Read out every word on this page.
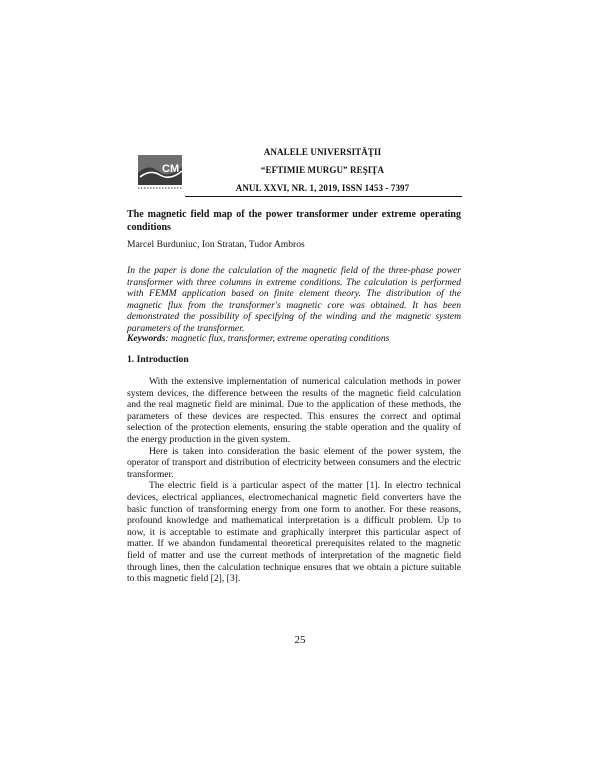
CM
ANALELE UNIVERSITĂŢII
“EFTIMIE MURGU” REŞIŢA
ANUL XXVI, NR. 1, 2019, ISSN 1453 - 7397
The magnetic field map of the power transformer under extreme operating conditions
Marcel Burduniuc, Ion Stratan, Tudor Ambros
In the paper is done the calculation of the magnetic field of the three-phase power transformer with three columns in extreme conditions. The calculation is performed with FEMM application based on finite element theory. The distribution of the magnetic flux from the transformer's magnetic core was obtained. It has been demonstrated the possibility of specifying of the winding and the magnetic system parameters of the transformer.
Keywords: magnetic flux, transformer, extreme operating conditions
1. Introduction

With the extensive implementation of numerical calculation methods in power system devices, the difference between the results of the magnetic field calculation and the real magnetic field are minimal. Due to the application of these methods, the parameters of these devices are respected. This ensures the correct and optimal selection of the protection elements, ensuring the stable operation and the quality of the energy production in the given system.

Here is taken into consideration the basic element of the power system, the operator of transport and distribution of electricity between consumers and the electric transformer.

The electric field is a particular aspect of the matter [1]. In electro technical devices, electrical appliances, electromechanical magnetic field converters have the basic function of transforming energy from one form to another. For these reasons, profound knowledge and mathematical interpretation is a difficult problem. Up to now, it is acceptable to estimate and graphically interpret this particular aspect of matter. If we abandon fundamental theoretical prerequisites related to the magnetic field of matter and use the current methods of interpretation of the magnetic field through lines, then the calculation technique ensures that we obtain a picture suitable to this magnetic field [2], [3].

25
